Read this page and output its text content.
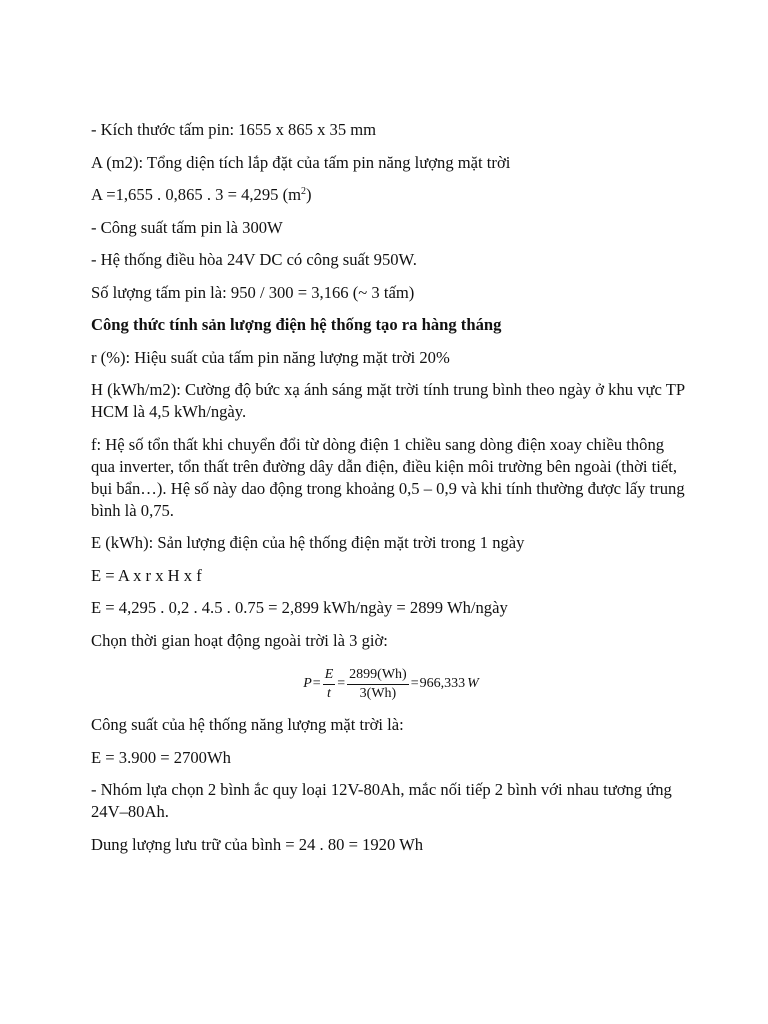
- Kích thước tấm pin: 1655 x 865 x 35 mm

A (m2): Tổng diện tích lắp đặt của tấm pin năng lượng mặt trời

A =1,655 . 0,865 . 3 = 4,295 $(m^2)$

- Công suất tấm pin là 300W

- Hệ thống điều hòa 24V DC có công suất 950W.

Số lượng tấm pin là: 950 / 300 = 3,166 (~ 3 tấm)

Công thức tính sản lượng điện hệ thống tạo ra hàng tháng

r (%): Hiệu suất của tấm pin năng lượng mặt trời 20%

H (kWh/m2): Cường độ bức xạ ánh sáng mặt trời tính trung bình theo ngày ở khu vực TP HCM là 4,5 kWh/ngày.

f: Hệ số tổn thất khi chuyển đổi từ dòng điện 1 chiều sang dòng điện xoay chiều thông qua inverter, tổn thất trên đường dây dẫn điện, điều kiện môi trường bên ngoài (thời tiết, bụi bẩn…). Hệ số này dao động trong khoảng 0,5 – 0,9 và khi tính thường được lấy trung bình là 0,75.

E (kWh): Sản lượng điện của hệ thống điện mặt trời trong 1 ngày

E = A x r x H x f

E = 4,295 . 0,2 . 4.5 . 0.75 = 2,899 kWh/ngày = 2899 Wh/ngày

Chọn thời gian hoạt động ngoài trời là 3 giờ:

$P = \frac{E}{t} = \frac{2899(Wh)}{3(Wh)} = 966,333$ W

Công suất của hệ thống năng lượng mặt trời là:

E = 3.900 = 2700Wh

- Nhóm lựa chọn 2 bình ắc quy loại 12V-80Ah, mắc nối tiếp 2 bình với nhau tương ứng 24V–80Ah.

Dung lượng lưu trữ của bình = 24 . 80 = 1920 Wh
